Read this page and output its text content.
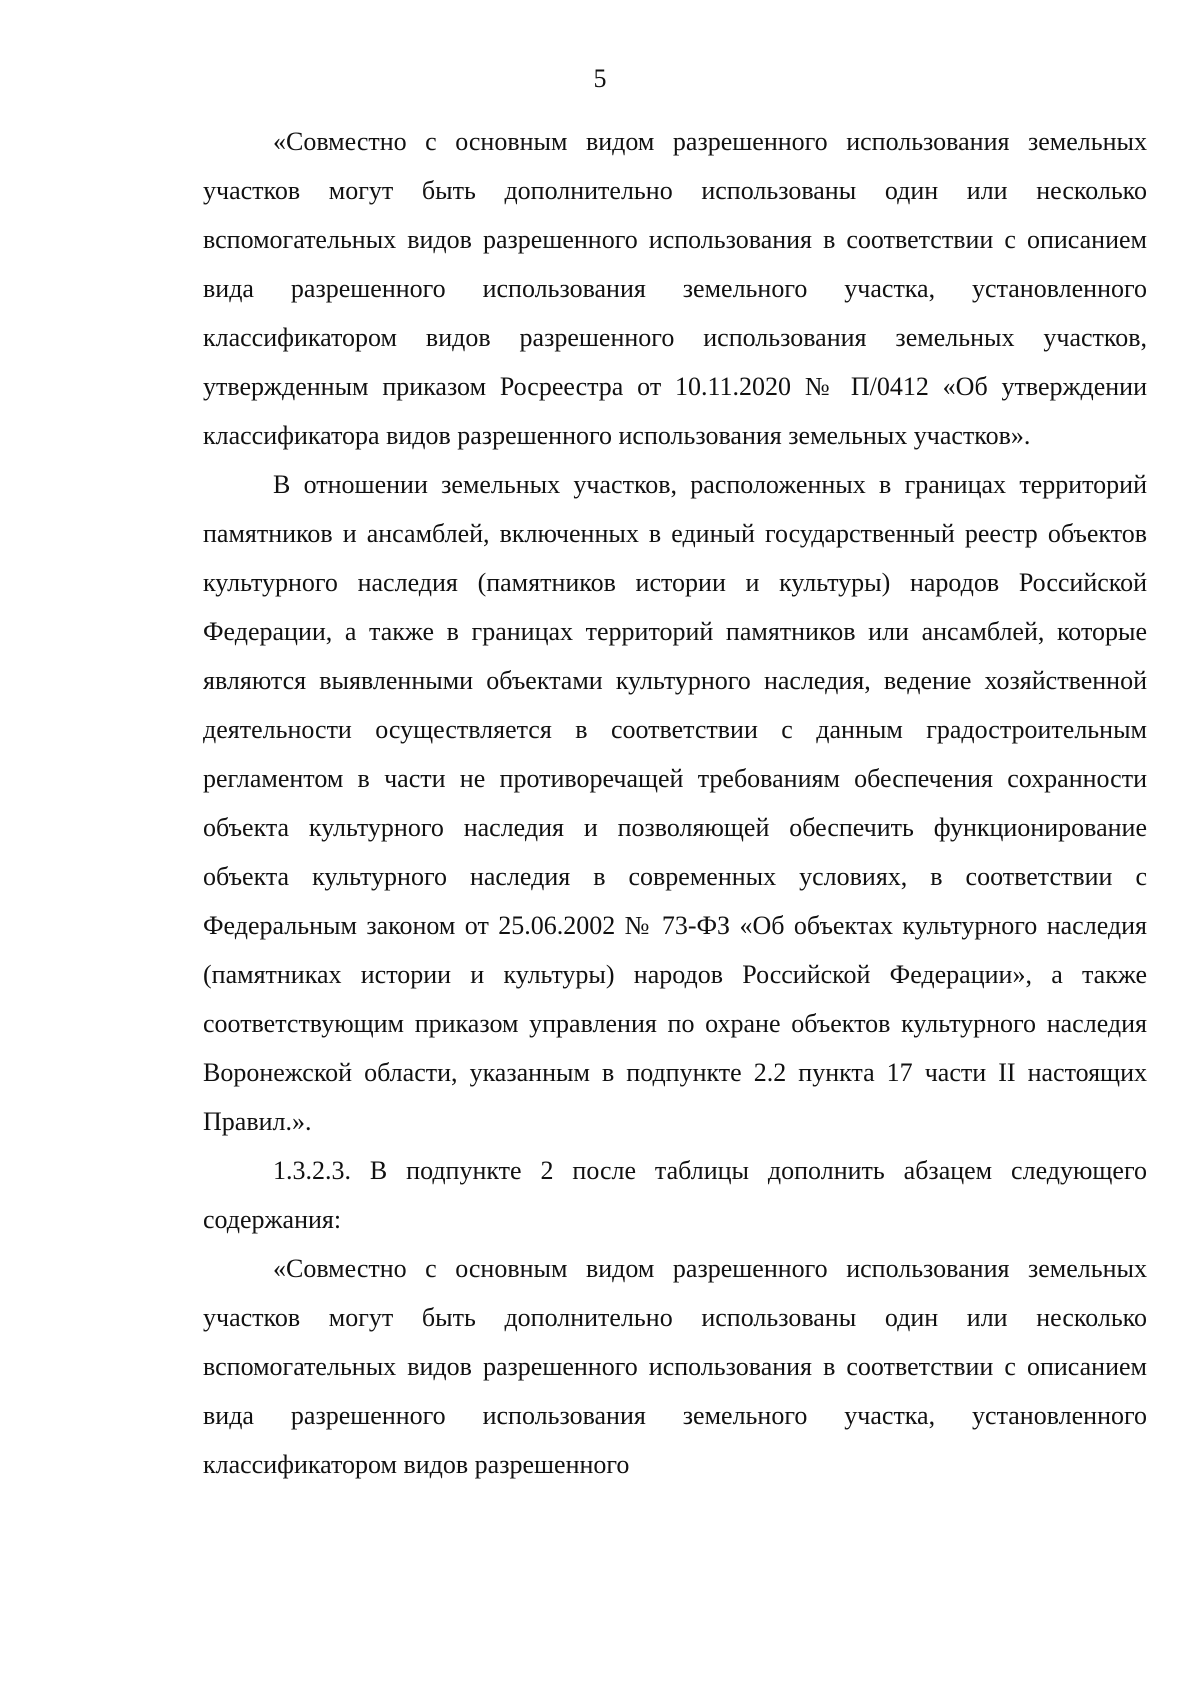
5

«Совместно с основным видом разрешенного использования земельных участков могут быть дополнительно использованы один или несколько вспомогательных видов разрешенного использования в соответствии с описанием вида разрешенного использования земельного участка, установленного классификатором видов разрешенного использования земельных участков, утвержденным приказом Росреестра от 10.11.2020 № П/0412 «Об утверждении классификатора видов разрешенного использования земельных участков».

В отношении земельных участков, расположенных в границах территорий памятников и ансамблей, включенных в единый государственный реестр объектов культурного наследия (памятников истории и культуры) народов Российской Федерации, а также в границах территорий памятников или ансамблей, которые являются выявленными объектами культурного наследия, ведение хозяйственной деятельности осуществляется в соответствии с данным градостроительным регламентом в части не противоречащей требованиям обеспечения сохранности объекта культурного наследия и позволяющей обеспечить функционирование объекта культурного наследия в современных условиях, в соответствии с Федеральным законом от 25.06.2002 № 73-ФЗ «Об объектах культурного наследия (памятниках истории и культуры) народов Российской Федерации», а также соответствующим приказом управления по охране объектов культурного наследия Воронежской области, указанным в подпункте 2.2 пункта 17 части II настоящих Правил.».

1.3.2.3. В подпункте 2 после таблицы дополнить абзацем следующего содержания:

«Совместно с основным видом разрешенного использования земельных участков могут быть дополнительно использованы один или несколько вспомогательных видов разрешенного использования в соответствии с описанием вида разрешенного использования земельного участка, установленного классификатором видов разрешенного
